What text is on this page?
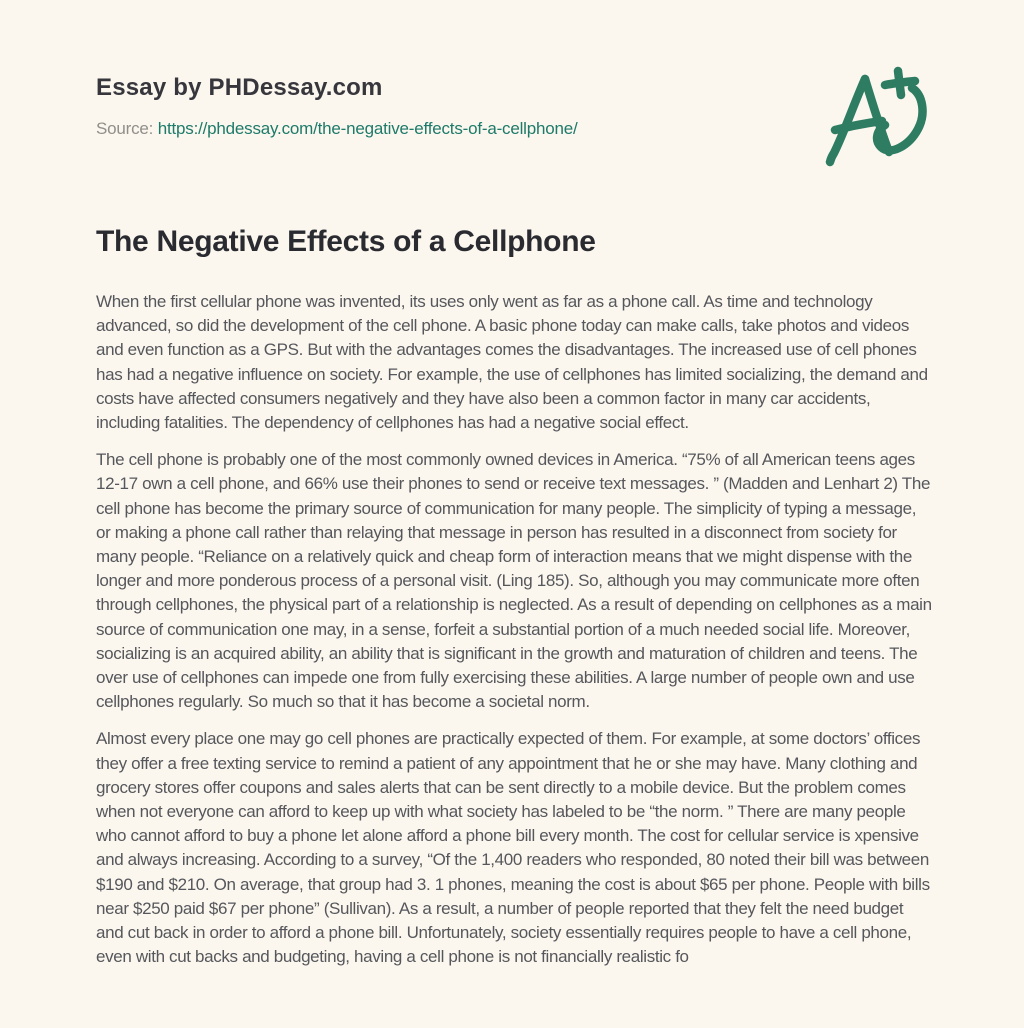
Essay by PHDessay.com
Source: https://phdessay.com/the-negative-effects-of-a-cellphone/
The Negative Effects of a Cellphone

When the first cellular phone was invented, its uses only went as far as a phone call. As time and technology advanced, so did the development of the cell phone. A basic phone today can make calls, take photos and videos and even function as a GPS. But with the advantages comes the disadvantages. The increased use of cell phones has had a negative influence on society. For example, the use of cellphones has limited socializing, the demand and costs have affected consumers negatively and they have also been a common factor in many car accidents, including fatalities. The dependency of cellphones has had a negative social effect.

The cell phone is probably one of the most commonly owned devices in America. “75% of all American teens ages 12-17 own a cell phone, and 66% use their phones to send or receive text messages. ” (Madden and Lenhart 2) The cell phone has become the primary source of communication for many people. The simplicity of typing a message, or making a phone call rather than relaying that message in person has resulted in a disconnect from society for many people. “Reliance on a relatively quick and cheap form of interaction means that we might dispense with the longer and more ponderous process of a personal visit. (Ling 185). So, although you may communicate more often through cellphones, the physical part of a relationship is neglected. As a result of depending on cellphones as a main source of communication one may, in a sense, forfeit a substantial portion of a much needed social life. Moreover, socializing is an acquired ability, an ability that is significant in the growth and maturation of children and teens. The over use of cellphones can impede one from fully exercising these abilities. A large number of people own and use cellphones regularly. So much so that it has become a societal norm.

Almost every place one may go cell phones are practically expected of them. For example, at some doctors’ offices they offer a free texting service to remind a patient of any appointment that he or she may have. Many clothing and grocery stores offer coupons and sales alerts that can be sent directly to a mobile device. But the problem comes when not everyone can afford to keep up with what society has labeled to be “the norm. ” There are many people who cannot afford to buy a phone let alone afford a phone bill every month. The cost for cellular service is xpensive and always increasing. According to a survey, “Of the 1,400 readers who responded, 80 noted their bill was between $190 and $210. On average, that group had 3. 1 phones, meaning the cost is about $65 per phone. People with bills near $250 paid $67 per phone” (Sullivan). As a result, a number of people reported that they felt the need budget and cut back in order to afford a phone bill. Unfortunately, society essentially requires people to have a cell phone, even with cut backs and budgeting, having a cell phone is not financially realistic fo
